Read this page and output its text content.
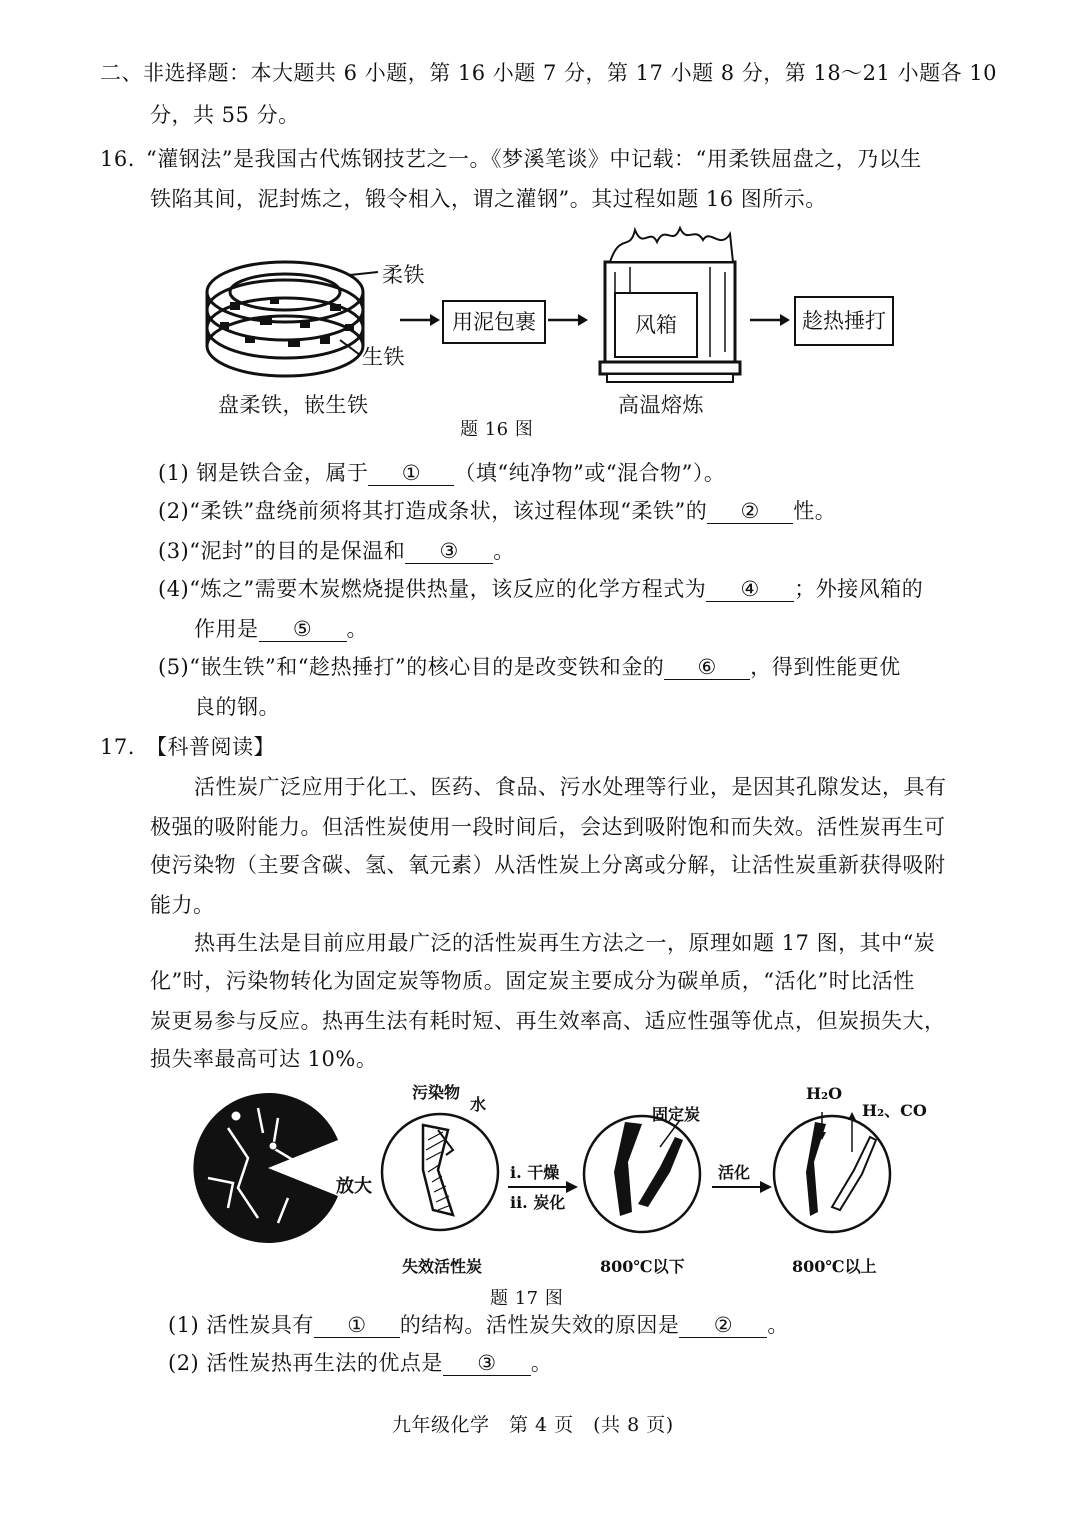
二、非选择题：本大题共 6 小题，第 16 小题 7 分，第 17 小题 8 分，第 18～21 小题各 10
分，共 55 分。
16. “灌钢法”是我国古代炼钢技艺之一。《梦溪笔谈》中记载：“用柔铁屈盘之，乃以生
铁陷其间，泥封炼之，锻令相入，谓之灌钢”。其过程如题 16 图所示。
柔铁
生铁
盘柔铁，嵌生铁
用泥包裹	风箱
高温熔炼
趁热捶打
题 16 图
(1) 钢是铁合金，属于 ① （填“纯净物”或“混合物”）。
(2)“柔铁”盘绕前须将其打造成条状，该过程体现“柔铁”的 ② 性。
(3)“泥封”的目的是保温和 ③ 。
(4)“炼之”需要木炭燃烧提供热量，该反应的化学方程式为 ④ ；外接风箱的
作用是 ⑤ 。
(5)“嵌生铁”和“趁热捶打”的核心目的是改变铁和金的 ⑥ ，得到性能更优
良的钢。
17. 【科普阅读】
活性炭广泛应用于化工、医药、食品、污水处理等行业，是因其孔隙发达，具有
极强的吸附能力。但活性炭使用一段时间后，会达到吸附饱和而失效。活性炭再生可
使污染物（主要含碳、氢、氧元素）从活性炭上分离或分解，让活性炭重新获得吸附
能力。
热再生法是目前应用最广泛的活性炭再生方法之一，原理如题 17 图，其中“炭
化”时，污染物转化为固定炭等物质。固定炭主要成分为碳单质，“活化”时比活性
炭更易参与反应。热再生法有耗时短、再生效率高、适应性强等优点，但炭损失大，
损失率最高可达 10%。
放大
污染物
水
i. 干燥
ii. 炭化
固定炭
活化
H₂O
H₂、CO
失效活性炭	800℃以下	800℃以上
题 17 图
(1) 活性炭具有 ① 的结构。活性炭失效的原因是 ② 。
(2) 活性炭热再生法的优点是 ③ 。
九年级化学　第 4 页　(共 8 页)
